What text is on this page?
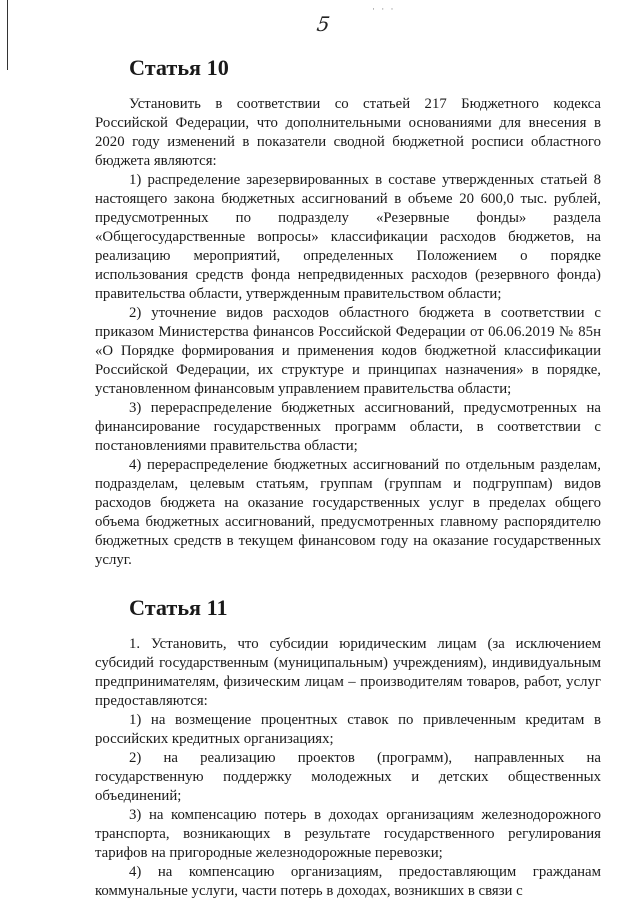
5
· · ·
Статья 10

Установить в соответствии со статьей 217 Бюджетного кодекса Российской Федерации, что дополнительными основаниями для внесения в 2020 году изменений в показатели сводной бюджетной росписи областного бюджета являются:

1) распределение зарезервированных в составе утвержденных статьей 8 настоящего закона бюджетных ассигнований в объеме 20 600,0 тыс. рублей, предусмотренных по подразделу «Резервные фонды» раздела «Общегосударственные вопросы» классификации расходов бюджетов, на реализацию мероприятий, определенных Положением о порядке использования средств фонда непредвиденных расходов (резервного фонда) правительства области, утвержденным правительством области;

2) уточнение видов расходов областного бюджета в соответствии с приказом Министерства финансов Российской Федерации от 06.06.2019 № 85н «О Порядке формирования и применения кодов бюджетной классификации Российской Федерации, их структуре и принципах назначения» в порядке, установленном финансовым управлением правительства области;

3) перераспределение бюджетных ассигнований, предусмотренных на финансирование государственных программ области, в соответствии с постановлениями правительства области;

4) перераспределение бюджетных ассигнований по отдельным разделам, подразделам, целевым статьям, группам (группам и подгруппам) видов расходов бюджета на оказание государственных услуг в пределах общего объема бюджетных ассигнований, предусмотренных главному распорядителю бюджетных средств в текущем финансовом году на оказание государственных услуг.

Статья 11

1. Установить, что субсидии юридическим лицам (за исключением субсидий государственным (муниципальным) учреждениям), индивидуальным предпринимателям, физическим лицам – производителям товаров, работ, услуг предоставляются:

1) на возмещение процентных ставок по привлеченным кредитам в российских кредитных организациях;

2) на реализацию проектов (программ), направленных на государственную поддержку молодежных и детских общественных объединений;

3) на компенсацию потерь в доходах организациям железнодорожного транспорта, возникающих в результате государственного регулирования тарифов на пригородные железнодорожные перевозки;

4) на компенсацию организациям, предоставляющим гражданам коммунальные услуги, части потерь в доходах, возникших в связи с
